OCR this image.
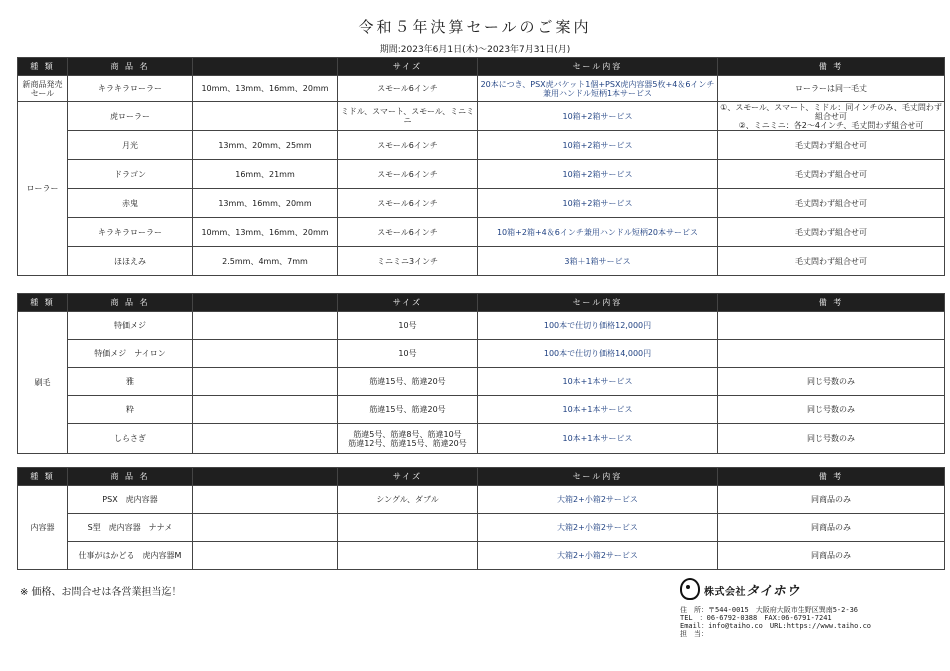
令和５年決算セールのご案内
期間:2023年6月1日(木)～2023年7月31日(月)
種 類	商 品 名		サイズ	セール内容	備 考
新商品発売
セール	キラキラローラー	10mm、13mm、16mm、20mm	スモール6インチ	20本につき、PSX虎バケット1個+PSX虎内容器5枚+4＆6インチ
兼用ハンドル短柄1本サービス	ローラーは同一毛丈
ローラー	虎ローラー		ミドル、スマート、スモール、ミニミニ	10箱+2箱サービス	①、スモール、スマート、ミドル：同インチのみ、毛丈問わず組合せ可
②、ミニミニ：各2～4インチ、毛丈問わず組合せ可
	月光	13mm、20mm、25mm	スモール6インチ	10箱+2箱サービス	毛丈問わず組合せ可
	ドラゴン	16mm、21mm	スモール6インチ	10箱+2箱サービス	毛丈問わず組合せ可
	赤鬼	13mm、16mm、20mm	スモール6インチ	10箱+2箱サービス	毛丈問わず組合せ可
	キラキラローラー	10mm、13mm、16mm、20mm	スモール6インチ	10箱+2箱+4＆6インチ兼用ハンドル短柄20本サービス	毛丈問わず組合せ可
	ほほえみ	2.5mm、4mm、7mm	ミニミニ3インチ	3箱＋1箱サービス	毛丈問わず組合せ可
種 類	商 品 名		サイズ	セール内容	備 考
刷毛	特価メジ		10号	100本で仕切り価格12,000円	
	特価メジ　ナイロン		10号	100本で仕切り価格14,000円	
	雅		筋違15号、筋違20号	10本+1本サービス	同じ号数のみ
	粋		筋違15号、筋違20号	10本+1本サービス	同じ号数のみ
	しらさぎ		筋違5号、筋違8号、筋違10号
筋違12号、筋違15号、筋違20号	10本+1本サービス	同じ号数のみ
種 類	商 品 名		サイズ	セール内容	備 考
内容器	PSX　虎内容器		シングル、ダブル	大箱2+小箱2サービス	同商品のみ
	S型　虎内容器　ナナメ			大箱2+小箱2サービス	同商品のみ
	仕事がはかどる　虎内容器M			大箱2+小箱2サービス	同商品のみ
※ 価格、お問合せは各営業担当迄！	株式会社タイホウ
住　所：〒544-0015　大阪府大阪市生野区巽南5-2-36
TEL　：06-6792-0388　FAX:06-6791-7241
Email：info@taiho.co　URL:https://www.taiho.co
担　当：
